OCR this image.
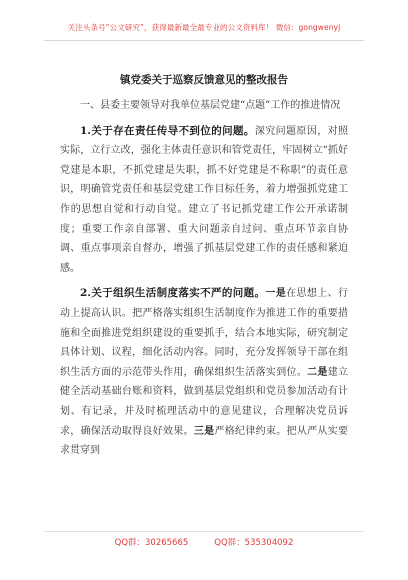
关注头条号“公文研究”，获得最新最全最专业的公文资料库！ 微信：gongwenyj
镇党委关于巡察反馈意见的整改报告

一、县委主要领导对我单位基层党建“点题”工作的推进情况

1.关于存在责任传导不到位的问题。深究问题原因，对照实际，立行立改，强化主体责任意识和管党责任，牢固树立“抓好党建是本职，不抓党建是失职，抓不好党建是不称职”的责任意识，明确管党责任和基层党建工作目标任务，着力增强抓党建工作的思想自觉和行动自觉。建立了书记抓党建工作公开承诺制度；重要工作亲自部署、重大问题亲自过问、重点环节亲自协调、重点事项亲自督办，增强了抓基层党建工作的责任感和紧迫感。

2.关于组织生活制度落实不严的问题。一是在思想上、行动上提高认识。把严格落实组织生活制度作为推进工作的重要措施和全面推进党组织建设的重要抓手，结合本地实际，研究制定具体计划、议程，细化活动内容。同时，充分发挥领导干部在组织生活方面的示范带头作用，确保组织生活落实到位。二是建立健全活动基础台账和资料，做到基层党组织和党员参加活动有计划、有记录，并及时梳理活动中的意见建议，合理解决党员诉求，确保活动取得良好效果。三是严格纪律约束。把从严从实要求贯穿到

QQ群：30265665	QQ群：535304092
